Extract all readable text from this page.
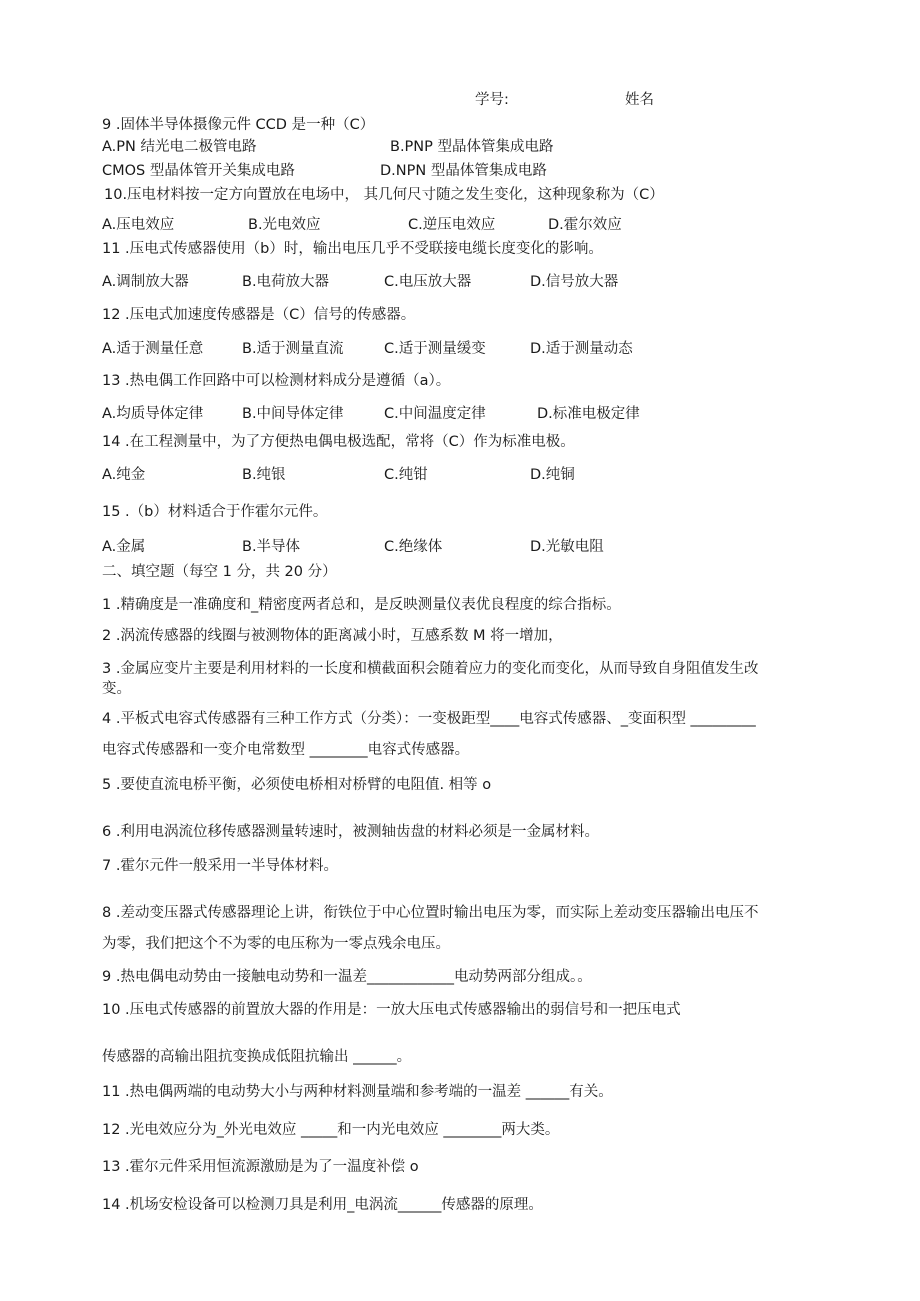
学号:	姓名
9 .固体半导体摄像元件 CCD 是一种（C）
A.PN 结光电二极管电路	B.PNP 型晶体管集成电路
CMOS 型晶体管开关集成电路	D.NPN 型晶体管集成电路
10.压电材料按一定方向置放在电场中， 其几何尺寸随之发生变化，这种现象称为（C）
A.压电效应	B.光电效应	C.逆压电效应	D.霍尔效应
11 .压电式传感器使用（b）时，输出电压几乎不受联接电缆长度变化的影响。
A.调制放大器	B.电荷放大器	C.电压放大器	D.信号放大器
12 .压电式加速度传感器是（C）信号的传感器。
A.适于测量任意	B.适于测量直流	C.适于测量缓变	D.适于测量动态
13 .热电偶工作回路中可以检测材料成分是遵循（a）。
A.均质导体定律	B.中间导体定律	C.中间温度定律	D.标准电极定律
14 .在工程测量中，为了方便热电偶电极选配，常将（C）作为标准电极。
A.纯金	B.纯银	C.纯钳	D.纯铜
15 .（b）材料适合于作霍尔元件。
A.金属	B.半导体	C.绝缘体	D.光敏电阻
二、填空题（每空 1 分，共 20 分）
1 .精确度是一准确度和_精密度两者总和，是反映测量仪表优良程度的综合指标。
2 .涡流传感器的线圈与被测物体的距离减小时，互感系数 M 将一增加，
3 .金属应变片主要是利用材料的一长度和横截面积会随着应力的变化而变化，从而导致自身阻值发生改
变。
4 .平板式电容式传感器有三种工作方式（分类）：一变极距型____电容式传感器、_变面积型 _________
电容式传感器和一变介电常数型 ________电容式传感器。
5 .要使直流电桥平衡，必须使电桥相对桥臂的电阻值. 相等 o
6 .利用电涡流位移传感器测量转速时，被测轴齿盘的材料必须是一金属材料。
7 .霍尔元件一般采用一半导体材料。
8 .差动变压器式传感器理论上讲，衔铁位于中心位置时输出电压为零，而实际上差动变压器输出电压不
为零，我们把这个不为零的电压称为一零点残余电压。
9 .热电偶电动势由一接触电动势和一温差____________电动势两部分组成。。
10 .压电式传感器的前置放大器的作用是：一放大压电式传感器输出的弱信号和一把压电式
传感器的高输出阻抗变换成低阻抗输出 ______。
11 .热电偶两端的电动势大小与两种材料测量端和参考端的一温差 ______有关。
12 .光电效应分为_外光电效应 _____和一内光电效应 ________两大类。
13 .霍尔元件采用恒流源激励是为了一温度补偿 o
14 .机场安检设备可以检测刀具是利用_电涡流______传感器的原理。
